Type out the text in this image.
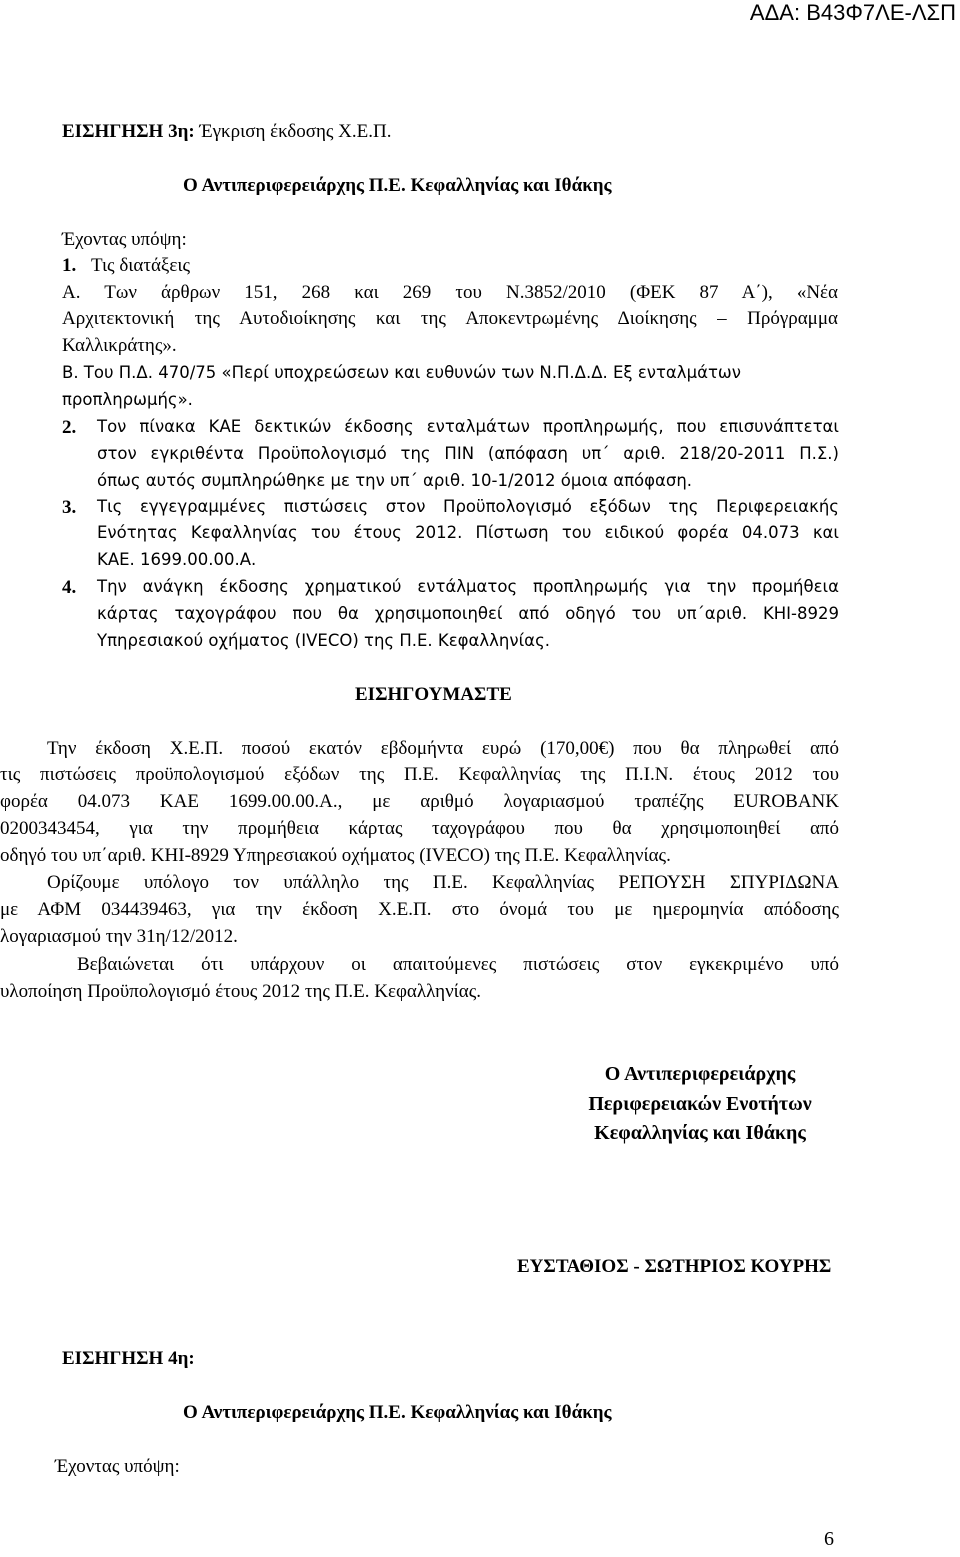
ΑΔΑ: Β43Φ7ΛΕ-ΛΣΠ
ΕΙΣΗΓΗΣΗ 3η: Έγκριση έκδοσης Χ.Ε.Π.
Ο Αντιπεριφερειάρχης Π.Ε. Κεφαλληνίας και Ιθάκης
Έχοντας υπόψη:
1. Τις διατάξεις
Α. Των άρθρων 151, 268 και 269 του Ν.3852/2010 (ΦΕΚ 87 Α΄), «Νέα
Αρχιτεκτονική της Αυτοδιοίκησης και της Αποκεντρωμένης Διοίκησης – Πρόγραμμα
Καλλικράτης».
Β. Του Π.Δ. 470/75 «Περί υποχρεώσεων και ευθυνών των Ν.Π.Δ.Δ. Εξ ενταλμάτων
προπληρωμής».
2. Τον πίνακα ΚΑΕ δεκτικών έκδοσης ενταλμάτων προπληρωμής, που επισυνάπτεται
στον εγκριθέντα Προϋπολογισμό της ΠΙΝ (απόφαση υπ΄ αριθ. 218/20-2011 Π.Σ.)
όπως αυτός συμπληρώθηκε με την υπ΄ αριθ. 10-1/2012 όμοια απόφαση.
3. Τις εγγεγραμμένες πιστώσεις στον Προϋπολογισμό εξόδων της Περιφερειακής
Ενότητας Κεφαλληνίας του έτους 2012. Πίστωση του ειδικού φορέα 04.073 και
ΚΑΕ. 1699.00.00.Α.
4. Την ανάγκη έκδοσης χρηματικού εντάλματος προπληρωμής για την προμήθεια
κάρτας ταχογράφου που θα χρησιμοποιηθεί από οδηγό του υπ΄αριθ. ΚΗΙ-8929
Υπηρεσιακού οχήματος (IVECO) της Π.Ε. Κεφαλληνίας.
ΕΙΣΗΓΟΥΜΑΣΤΕ
Την έκδοση Χ.Ε.Π. ποσού εκατόν εβδομήντα ευρώ (170,00€) που θα πληρωθεί από
τις πιστώσεις προϋπολογισμού εξόδων της Π.Ε. Κεφαλληνίας της Π.Ι.Ν. έτους 2012 του
φορέα 04.073 ΚΑΕ 1699.00.00.Α., με αριθμό λογαριασμού τραπέζης EUROBANK
0200343454, για την προμήθεια κάρτας ταχογράφου που θα χρησιμοποιηθεί από
οδηγό του υπ΄αριθ. ΚΗΙ-8929 Υπηρεσιακού οχήματος (IVECO) της Π.Ε. Κεφαλληνίας.
Ορίζουμε υπόλογο τον υπάλληλο της Π.Ε. Κεφαλληνίας ΡΕΠΟΥΣΗ ΣΠΥΡΙΔΩΝΑ
με ΑΦΜ 034439463, για την έκδοση Χ.Ε.Π. στο όνομά του με ημερομηνία απόδοσης
λογαριασμού την 31η/12/2012.
Βεβαιώνεται ότι υπάρχουν οι απαιτούμενες πιστώσεις στον εγκεκριμένο υπό
υλοποίηση Προϋπολογισμό έτους 2012 της Π.Ε. Κεφαλληνίας.
Ο Αντιπεριφερειάρχης
Περιφερειακών Ενοτήτων
Κεφαλληνίας και Ιθάκης
ΕΥΣΤΑΘΙΟΣ - ΣΩΤΗΡΙΟΣ ΚΟΥΡΗΣ
ΕΙΣΗΓΗΣΗ 4η:
Ο Αντιπεριφερειάρχης Π.Ε. Κεφαλληνίας και Ιθάκης
Έχοντας υπόψη:
6
